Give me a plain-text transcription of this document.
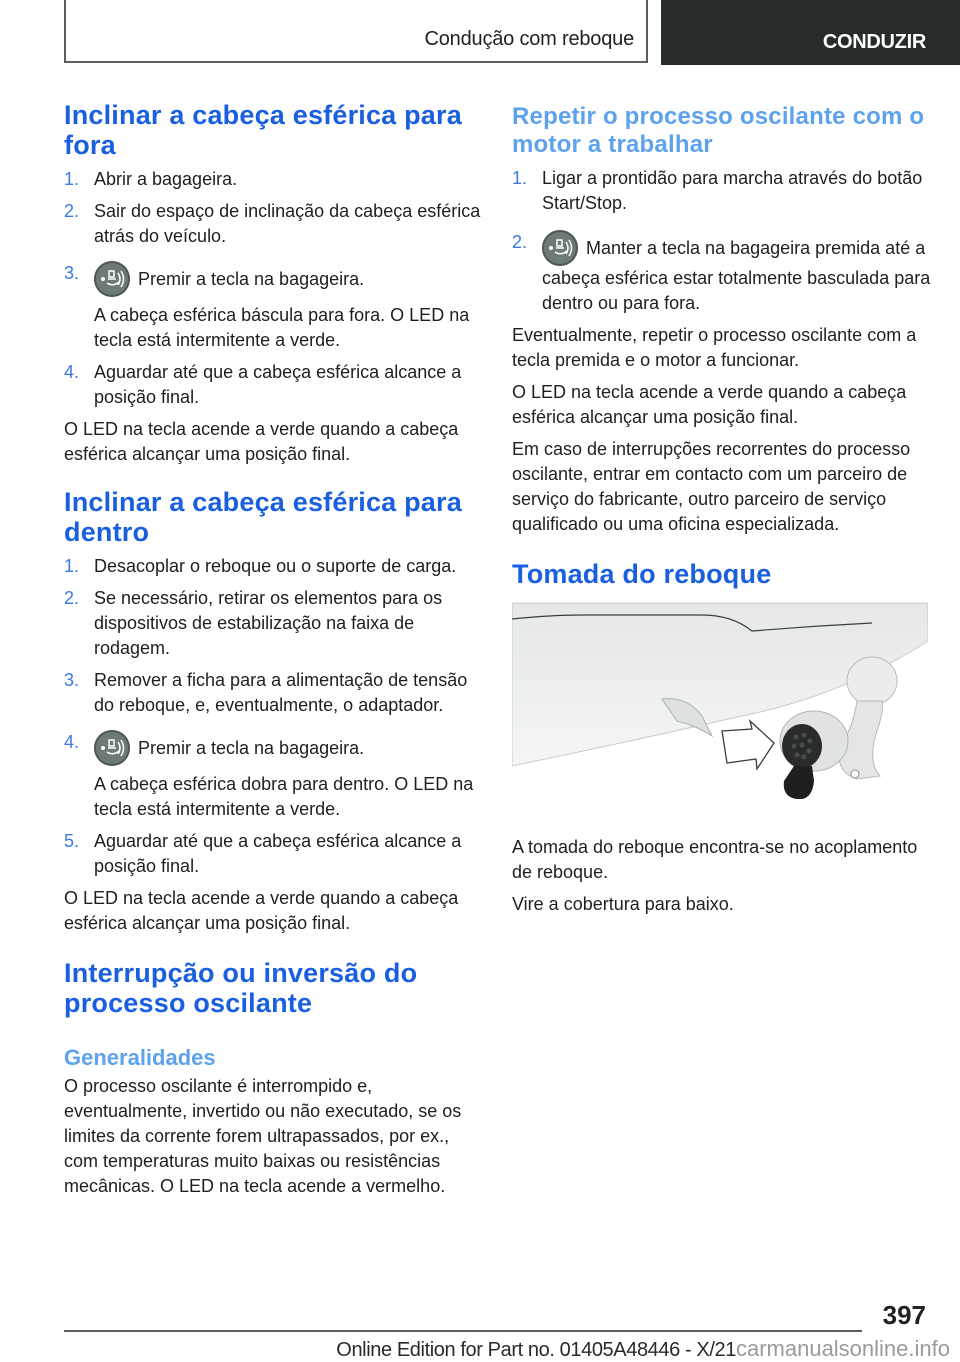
Condução com reboque	CONDUZIR
Inclinar a cabeça esférica para fora
1. Abrir a bagageira.
2. Sair do espaço de inclinação da cabeça esférica atrás do veículo.
3.	Premir a tecla na bagageira.

A cabeça esférica báscula para fora. O LED na tecla está intermitente a verde.

4. Aguardar até que a cabeça esférica alcance a posição final.

O LED na tecla acende a verde quando a cabeça esférica alcançar uma posição final.

Inclinar a cabeça esférica para dentro
1. Desacoplar o reboque ou o suporte de carga.
2. Se necessário, retirar os elementos para os dispositivos de estabilização na faixa de rodagem.
3. Remover a ficha para a alimentação de tensão do reboque, e, eventualmente, o adaptador.
4.	Premir a tecla na bagageira.

A cabeça esférica dobra para dentro. O LED na tecla está intermitente a verde.

5. Aguardar até que a cabeça esférica alcance a posição final.

O LED na tecla acende a verde quando a cabeça esférica alcançar uma posição final.

Interrupção ou inversão do processo oscilante
Generalidades

O processo oscilante é interrompido e, eventualmente, invertido ou não executado, se os limites da corrente forem ultrapassados, por ex., com temperaturas muito baixas ou resistências mecânicas. O LED na tecla acende a vermelho.

Repetir o processo oscilante com o motor a trabalhar
1. Ligar a prontidão para marcha através do botão Start/Stop.
2.	Manter a tecla na bagageira premida até a cabeça esférica estar totalmente basculada para dentro ou para fora.

Eventualmente, repetir o processo oscilante com a tecla premida e o motor a funcionar.

O LED na tecla acende a verde quando a cabeça esférica alcançar uma posição final.

Em caso de interrupções recorrentes do processo oscilante, entrar em contacto com um parceiro de serviço do fabricante, outro parceiro de serviço qualificado ou uma oficina especializada.

Tomada do reboque

A tomada do reboque encontra-se no acoplamento de reboque.

Vire a cobertura para baixo.

397
Online Edition for Part no. 01405A48446 - X/21carmanualsonline.info
